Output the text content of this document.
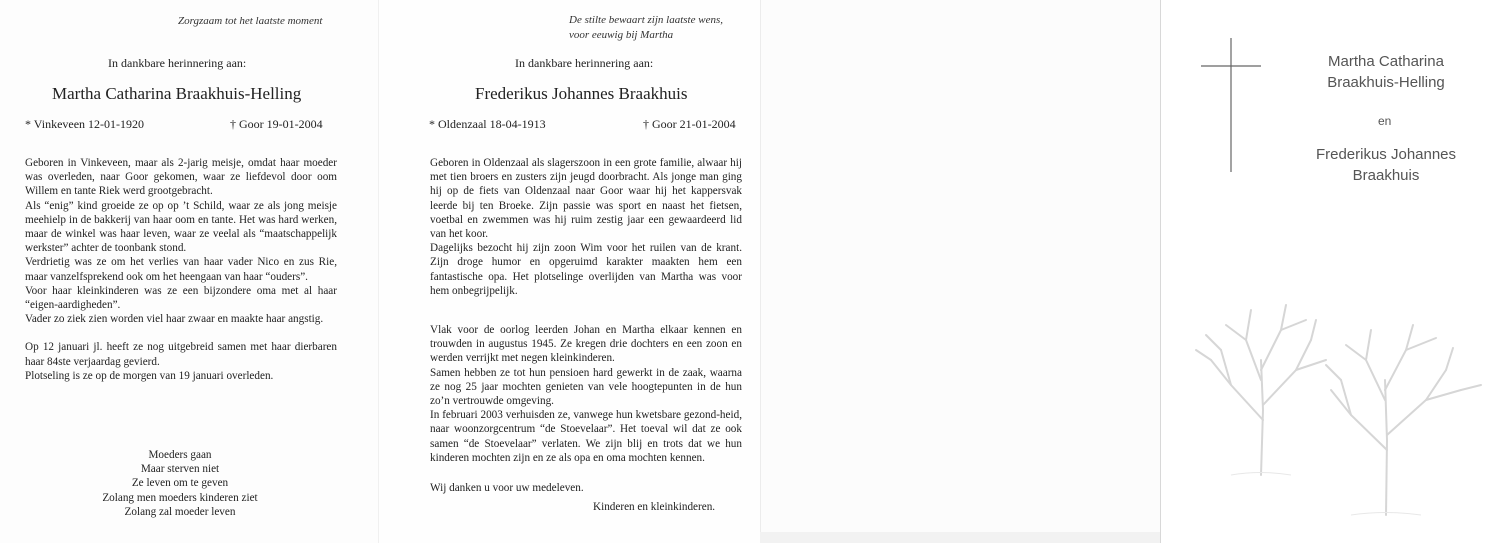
Zorgzaam tot het laatste moment
In dankbare herinnering aan:
Martha Catharina Braakhuis-Helling
* Vinkeveen 12-01-1920	† Goor 19-01-2004

Geboren in Vinkeveen, maar als 2-jarig meisje, omdat haar moeder was overleden, naar Goor gekomen, waar ze liefdevol door oom Willem en tante Riek werd grootgebracht.

Als “enig” kind groeide ze op op ’t Schild, waar ze als jong meisje meehielp in de bakkerij van haar oom en tante. Het was hard werken, maar de winkel was haar leven, waar ze veelal als “maatschappelijk werkster” achter de toonbank stond.

Verdrietig was ze om het verlies van haar vader Nico en zus Rie, maar vanzelfsprekend ook om het heengaan van haar “ouders”.

Voor haar kleinkinderen was ze een bijzondere oma met al haar “eigen-aardigheden”.

Vader zo ziek zien worden viel haar zwaar en maakte haar angstig.

Op 12 januari jl. heeft ze nog uitgebreid samen met haar dierbaren haar 84ste verjaardag gevierd.

Plotseling is ze op de morgen van 19 januari overleden.

Moeders gaan
Maar sterven niet
Ze leven om te geven
Zolang men moeders kinderen ziet
Zolang zal moeder leven
De stilte bewaart zijn laatste wens,
voor eeuwig bij Martha
In dankbare herinnering aan:
Frederikus Johannes Braakhuis
* Oldenzaal 18-04-1913	† Goor 21-01-2004

Geboren in Oldenzaal als slagerszoon in een grote familie, alwaar hij met tien broers en zusters zijn jeugd doorbracht. Als jonge man ging hij op de fiets van Oldenzaal naar Goor waar hij het kappersvak leerde bij ten Broeke. Zijn passie was sport en naast het fietsen, voetbal en zwemmen was hij ruim zestig jaar een gewaardeerd lid van het koor.

Dagelijks bezocht hij zijn zoon Wim voor het ruilen van de krant. Zijn droge humor en opgeruimd karakter maakten hem een fantastische opa. Het plotselinge overlijden van Martha was voor hem onbegrijpelijk.

Vlak voor de oorlog leerden Johan en Martha elkaar kennen en trouwden in augustus 1945. Ze kregen drie dochters en een zoon en werden verrijkt met negen kleinkinderen.

Samen hebben ze tot hun pensioen hard gewerkt in de zaak, waarna ze nog 25 jaar mochten genieten van vele hoogtepunten in de hun zo’n vertrouwde omgeving.

In februari 2003 verhuisden ze, vanwege hun kwetsbare gezond-heid, naar woonzorgcentrum “de Stoevelaar”. Het toeval wil dat ze ook samen “de Stoevelaar” verlaten. We zijn blij en trots dat we hun kinderen mochten zijn en ze als opa en oma mochten kennen.

Wij danken u voor uw medeleven.
Kinderen en kleinkinderen.
Martha Catharina
Braakhuis-Helling
en
Frederikus Johannes
Braakhuis
